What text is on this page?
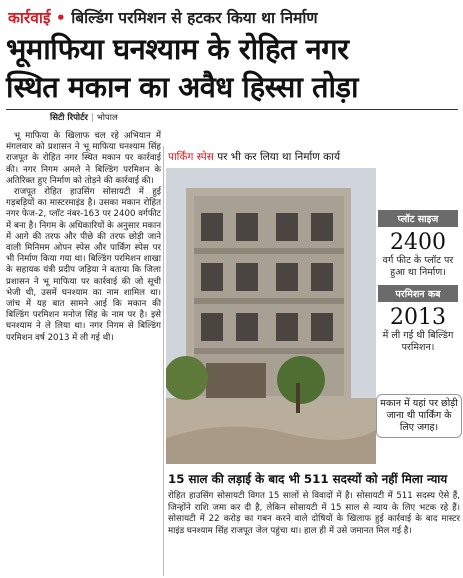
कार्रवाई • बिल्डिंग परमिशन से हटकर किया था निर्माण
भूमाफिया घनश्याम के रोहित नगर
स्थित मकान का अवैध हिस्सा तोड़ा
सिटी रिपोर्टर | भोपाल

भू माफिया के खिलाफ चल रहे अभियान में मंगलवार को प्रशासन ने भू माफिया घनश्याम सिंह राजपूत के रोहित नगर स्थित मकान पर कार्रवाई की। नगर निगम अमले ने बिल्डिंग परमिशन के अतिरिक्त हुए निर्माण को तोड़ने की कार्रवाई की।

राजपूत रोहित हाउसिंग सोसायटी में हुई गड़बड़ियों का मास्टरमाइंड है। उसका मकान रोहित नगर फेज-2, प्लॉट नंबर-163 पर 2400 वर्गफीट में बना है। निगम के अधिकारियों के अनुसार मकान में आगे की तरफ और पीछे की तरफ छोड़ी जाने वाली मिनिमम ओपन स्पेस और पार्किंग स्पेस पर भी निर्माण किया गया था। बिल्डिंग परमिशन शाखा के सहायक यंत्री प्रदीप जड़िया ने बताया कि जिला प्रशासन ने भू माफिया पर कार्रवाई की जो सूची भेजी थी, उसमें घनश्याम का नाम शामिल था। जांच में यह बात सामने आई कि मकान की बिल्डिंग परमिशन मनोज सिंह के नाम पर है। इसे घनश्याम ने ले लिया था। नगर निगम से बिल्डिंग परमिशन वर्ष 2013 में ली गई थी।

पार्किंग स्पेस पर भी कर लिया था निर्माण कार्य
प्लॉट साइज
2400
वर्ग फीट के प्लॉट पर हुआ था निर्माण।
परमिशन कब
2013
में ली गई थी बिल्डिंग परमिशन।
मकान में यहां पर छोड़ी जाना थी पार्किंग के लिए जगह।
15 साल की लड़ाई के बाद भी 511 सदस्यों को नहीं मिला न्याय
रोहित हाउसिंग सोसायटी विगत 15 सालों से विवादों में है। सोसायटी में 511 सदस्य ऐसे हैं, जिन्होंने राशि जमा कर दी है, लेकिन सोसायटी में 15 साल से न्याय के लिए भटक रहे हैं। सोसायटी में 22 करोड़ का गबन करने वाले दोषियों के खिलाफ हुई कार्रवाई के बाद मास्टर माइंड घनश्याम सिंह राजपूत जेल पहुंचा था। हाल ही में उसे जमानत मिल गई है।
